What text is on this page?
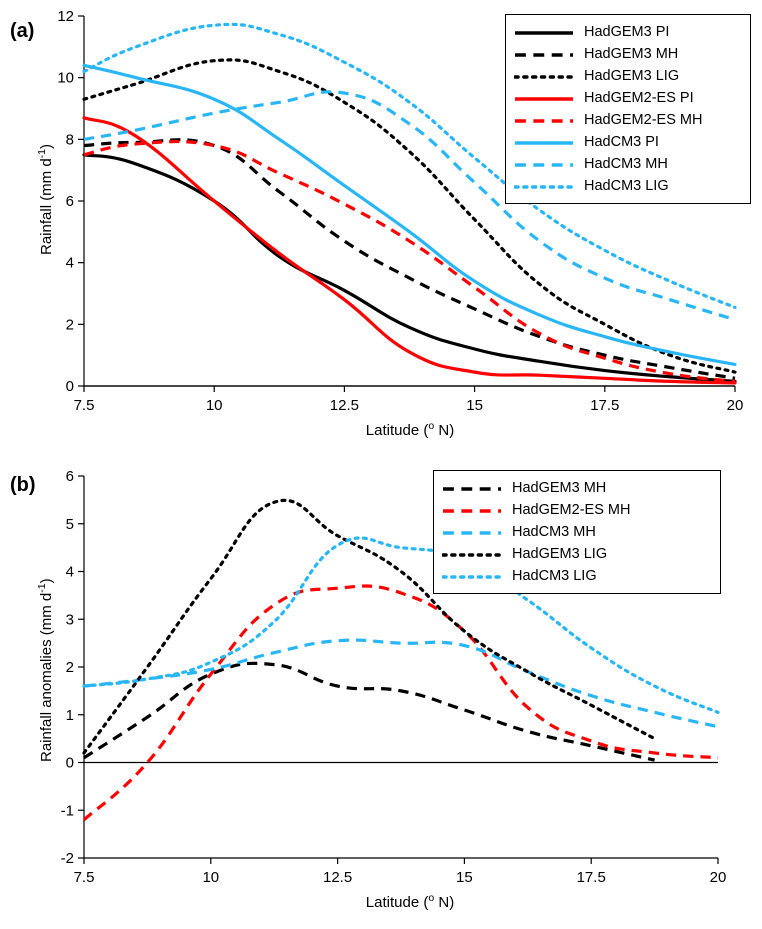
(a)
0
2
4
6
8
10
12
7.5	10	12.5	15	17.5	20
Latitude ($^o$ N)
Rainfall (mm $d^{-1}$)
HadGEM3 PI
HadGEM3 MH
HadGEM3 LIG
HadGEM2-ES PI
HadGEM2-ES MH
HadCM3 PI
HadCM3 MH
HadCM3 LIG
(b)
-2
-1
0
1
2
3
4
5
6
7.5	10	12.5	15	17.5	20
Latitude ($^o$ N)
Rainfall anomalies (mm $d^{-1}$)
HadGEM3 MH
HadGEM2-ES MH
HadCM3 MH
HadGEM3 LIG
HadCM3 LIG
